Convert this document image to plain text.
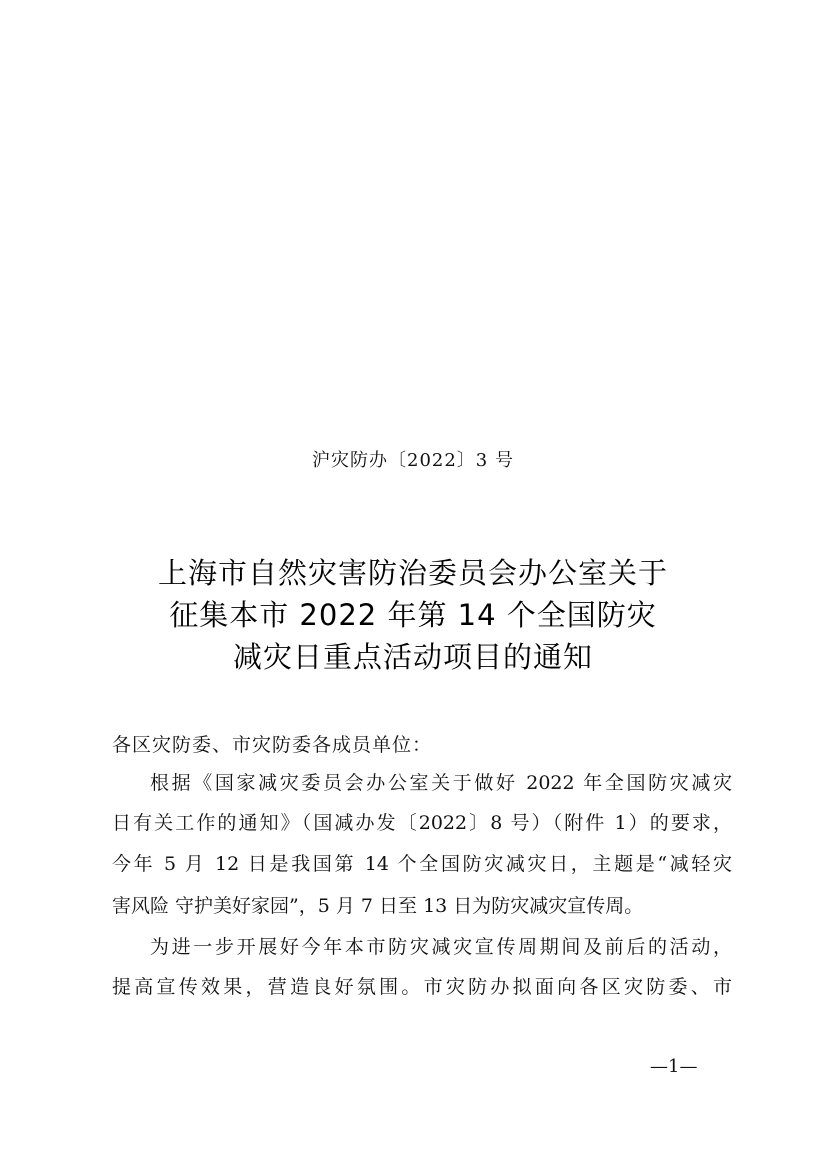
沪灾防办〔2022〕3 号
上海市自然灾害防治委员会办公室关于
征集本市 2022 年第 14 个全国防灾
减灾日重点活动项目的通知
各区灾防委、市灾防委各成员单位：
根据《国家减灾委员会办公室关于做好 2022 年全国防灾减灾
日有关工作的通知》（国减办发〔2022〕8 号）（附件 1）的要求，
今年 5 月 12 日是我国第 14 个全国防灾减灾日，主题是“减轻灾
害风险 守护美好家园”，5 月 7 日至 13 日为防灾减灾宣传周。
为进一步开展好今年本市防灾减灾宣传周期间及前后的活动，
提高宣传效果，营造良好氛围。市灾防办拟面向各区灾防委、市
—1—
